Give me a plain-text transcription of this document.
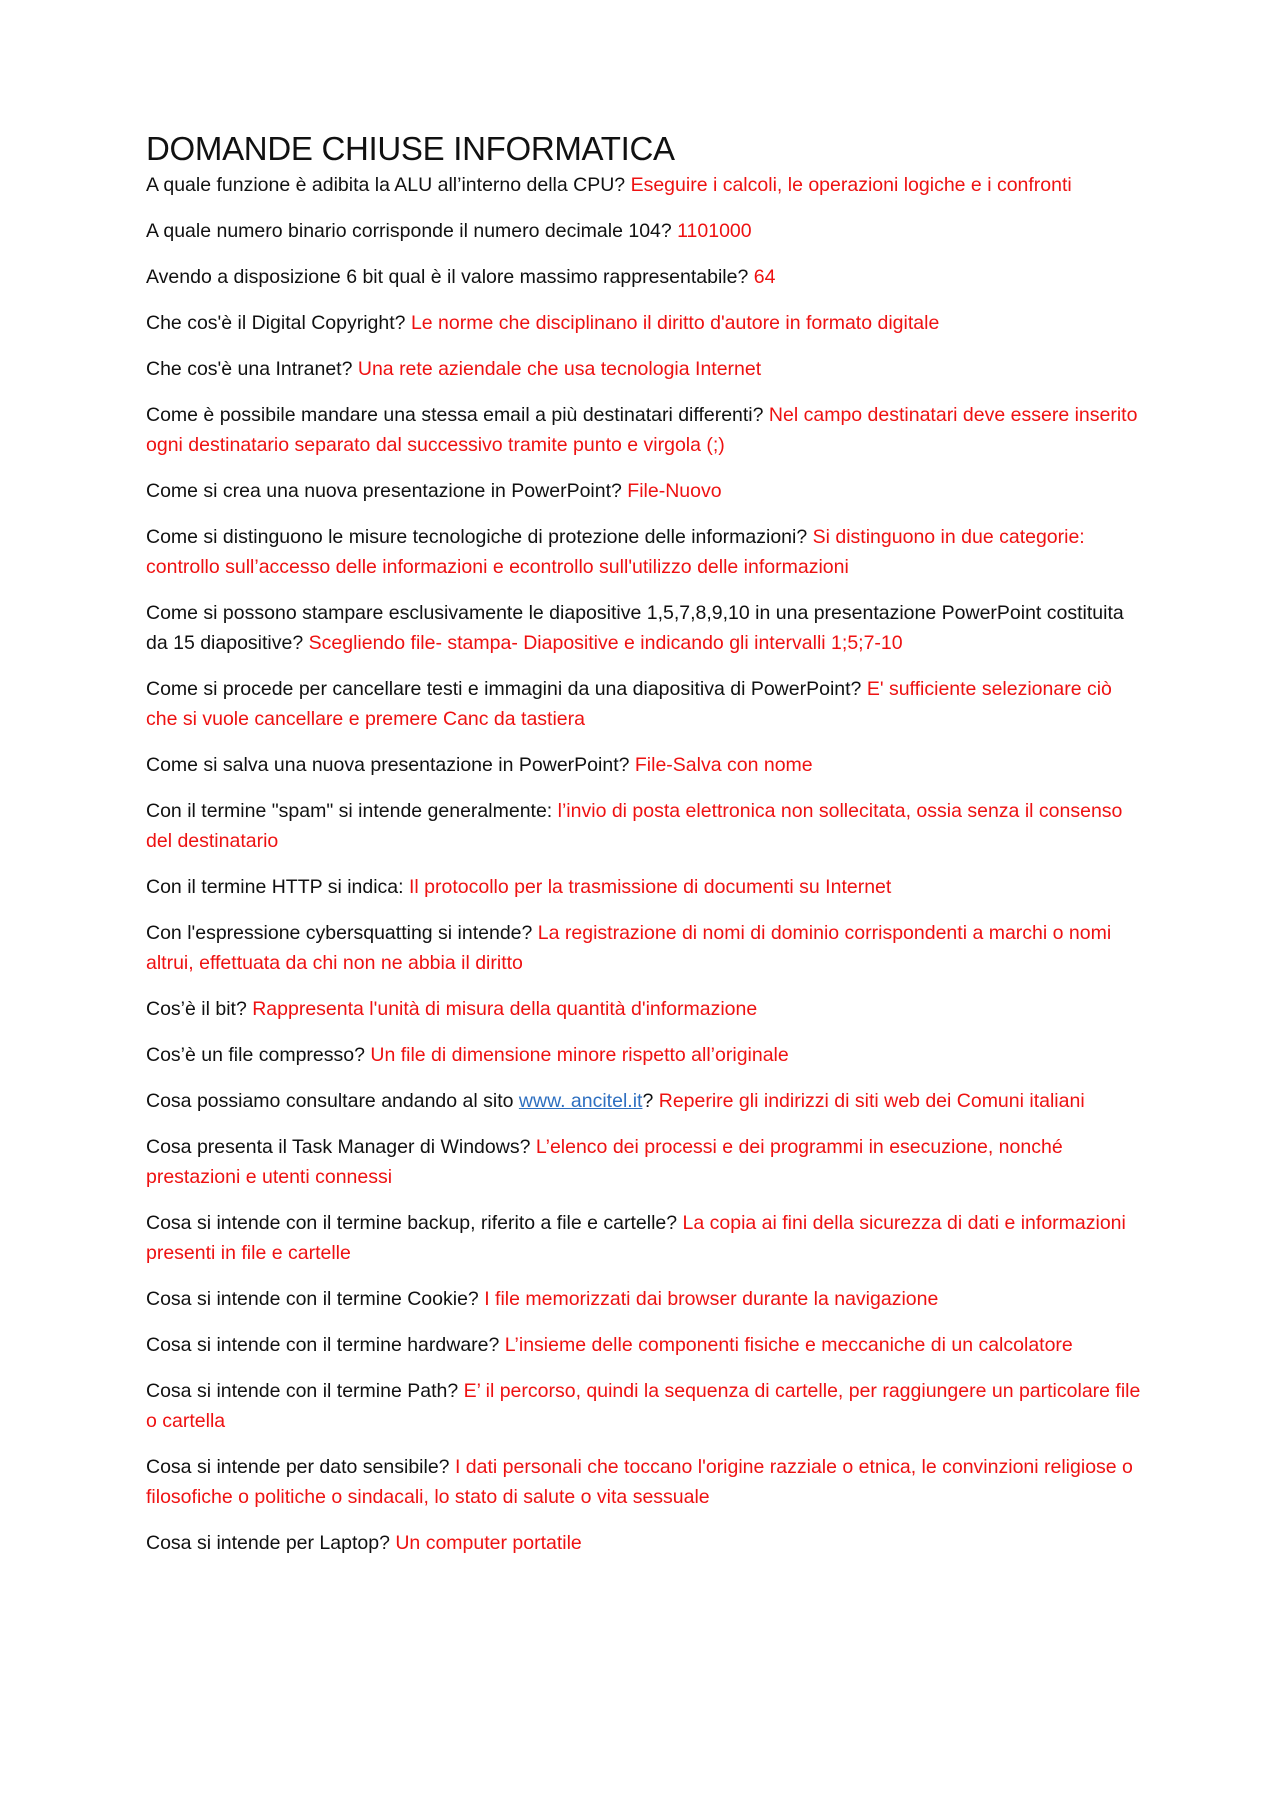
DOMANDE CHIUSE INFORMATICA

A quale funzione è adibita la ALU all’interno della CPU? Eseguire i calcoli, le operazioni logiche e i confronti

A quale numero binario corrisponde il numero decimale 104? 1101000

Avendo a disposizione 6 bit qual è il valore massimo rappresentabile? 64

Che cos'è il Digital Copyright? Le norme che disciplinano il diritto d'autore in formato digitale

Che cos'è una Intranet? Una rete aziendale che usa tecnologia Internet

Come è possibile mandare una stessa email a più destinatari differenti? Nel campo destinatari deve essere inserito ogni destinatario separato dal successivo tramite punto e virgola (;)

Come si crea una nuova presentazione in PowerPoint? File-Nuovo

Come si distinguono le misure tecnologiche di protezione delle informazioni? Si distinguono in due categorie: controllo sull’accesso delle informazioni e econtrollo sull'utilizzo delle informazioni

Come si possono stampare esclusivamente le diapositive 1,5,7,8,9,10 in una presentazione PowerPoint costituita da 15 diapositive? Scegliendo file- stampa- Diapositive e indicando gli intervalli 1;5;7-10

Come si procede per cancellare testi e immagini da una diapositiva di PowerPoint? E' sufficiente selezionare ciò che si vuole cancellare e premere Canc da tastiera

Come si salva una nuova presentazione in PowerPoint? File-Salva con nome

Con il termine "spam" si intende generalmente: l’invio di posta elettronica non sollecitata, ossia senza il consenso del destinatario

Con il termine HTTP si indica: Il protocollo per la trasmissione di documenti su Internet

Con l'espressione cybersquatting si intende? La registrazione di nomi di dominio corrispondenti a marchi o nomi altrui, effettuata da chi non ne abbia il diritto

Cos’è il bit? Rappresenta l'unità di misura della quantità d'informazione

Cos’è un file compresso? Un file di dimensione minore rispetto all’originale

Cosa possiamo consultare andando al sito www. ancitel.it? Reperire gli indirizzi di siti web dei Comuni italiani

Cosa presenta il Task Manager di Windows? L’elenco dei processi e dei programmi in esecuzione, nonché prestazioni e utenti connessi

Cosa si intende con il termine backup, riferito a file e cartelle? La copia ai fini della sicurezza di dati e informazioni presenti in file e cartelle

Cosa si intende con il termine Cookie? I file memorizzati dai browser durante la navigazione

Cosa si intende con il termine hardware? L’insieme delle componenti fisiche e meccaniche di un calcolatore

Cosa si intende con il termine Path? E’ il percorso, quindi la sequenza di cartelle, per raggiungere un particolare file o cartella

Cosa si intende per dato sensibile? I dati personali che toccano l'origine razziale o etnica, le convinzioni religiose o filosofiche o politiche o sindacali, lo stato di salute o vita sessuale

Cosa si intende per Laptop? Un computer portatile
